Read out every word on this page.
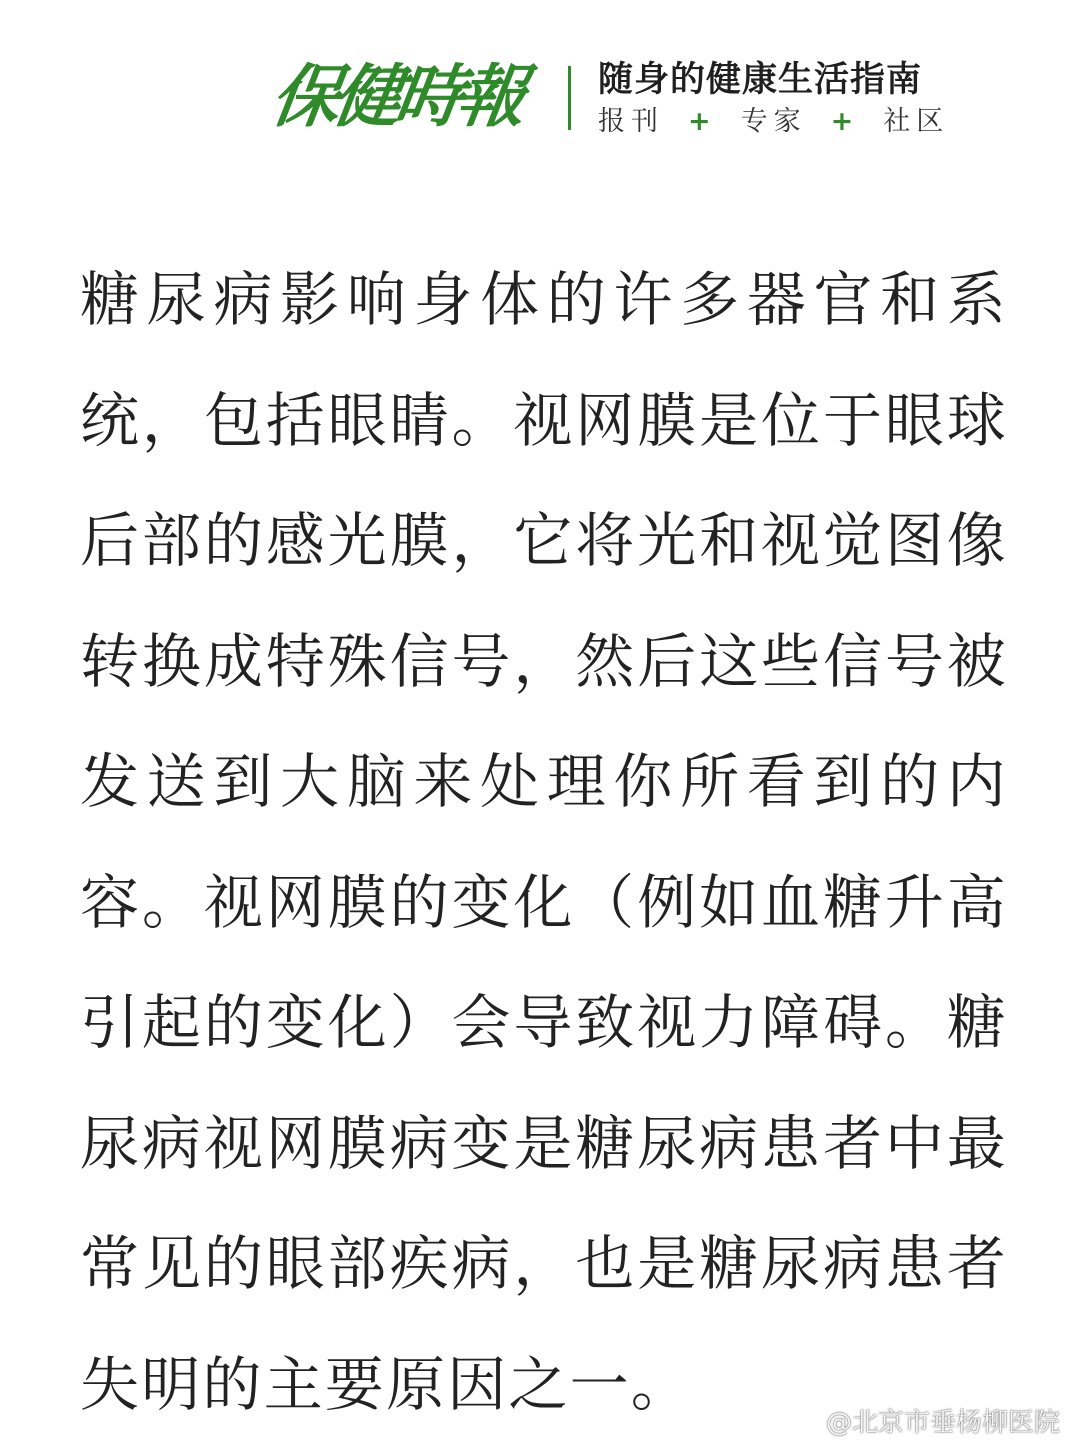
保健時報	随身的健康生活指南
报刊 + 专家 + 社区

糖尿病影响身体的许多器官和系统，包括眼睛。视网膜是位于眼球后部的感光膜，它将光和视觉图像转换成特殊信号，然后这些信号被发送到大脑来处理你所看到的内容。视网膜的变化（例如血糖升高引起的变化）会导致视力障碍。糖尿病视网膜病变是糖尿病患者中最常见的眼部疾病，也是糖尿病患者失明的主要原因之一。

@北京市垂杨柳医院
